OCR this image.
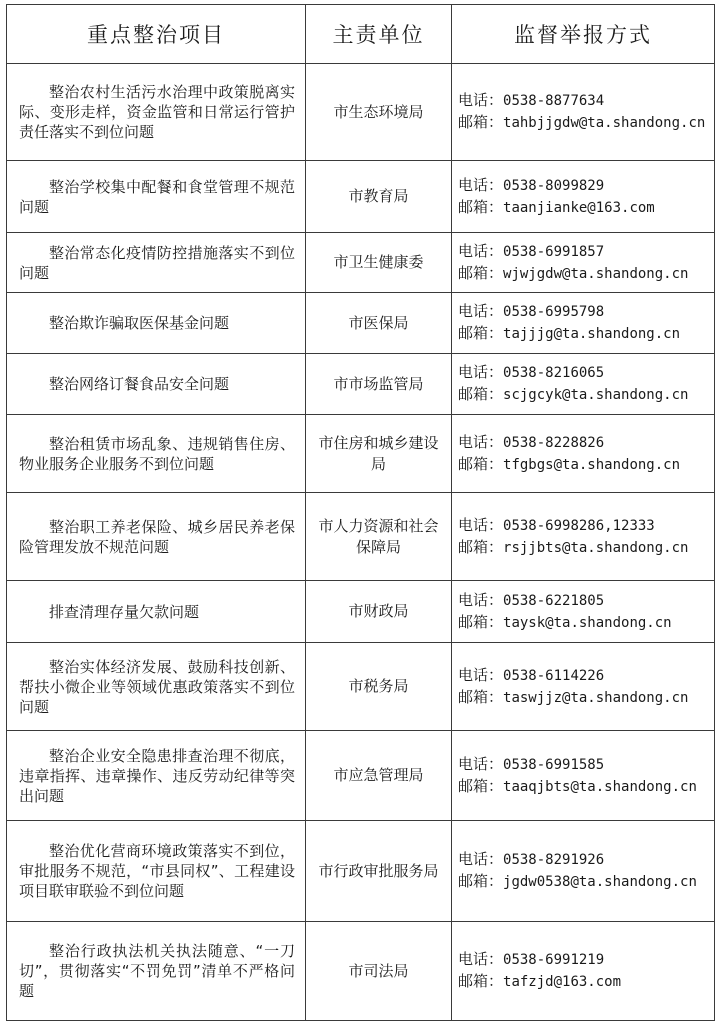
重点整治项目	主责单位	监督举报方式
整治农村生活污水治理中政策脱离实际、变形走样，资金监管和日常运行管护责任落实不到位问题	市生态环境局	电话：0538-8877634
邮箱：tahbjjgdw@ta.shandong.cn

整治学校集中配餐和食堂管理不规范问题	市教育局	电话：0538-8099829
邮箱：taanjianke@163.com

整治常态化疫情防控措施落实不到位问题	市卫生健康委	电话：0538-6991857
邮箱：wjwjgdw@ta.shandong.cn

整治欺诈骗取医保基金问题	市医保局	电话：0538-6995798
邮箱：tajjjg@ta.shandong.cn

整治网络订餐食品安全问题	市市场监管局	电话：0538-8216065
邮箱：scjgcyk@ta.shandong.cn

整治租赁市场乱象、违规销售住房、物业服务企业服务不到位问题	市住房和城乡建设局	电话：0538-8228826
邮箱：tfgbgs@ta.shandong.cn

整治职工养老保险、城乡居民养老保险管理发放不规范问题	市人力资源和社会保障局	电话：0538-6998286,12333
邮箱：rsjjbts@ta.shandong.cn

排查清理存量欠款问题	市财政局	电话：0538-6221805
邮箱：taysk@ta.shandong.cn

整治实体经济发展、鼓励科技创新、帮扶小微企业等领域优惠政策落实不到位问题	市税务局	电话：0538-6114226
邮箱：taswjjz@ta.shandong.cn

整治企业安全隐患排查治理不彻底，违章指挥、违章操作、违反劳动纪律等突出问题	市应急管理局	电话：0538-6991585
邮箱：taaqjbts@ta.shandong.cn

整治优化营商环境政策落实不到位，审批服务不规范，“市县同权”、工程建设项目联审联验不到位问题	市行政审批服务局	电话：0538-8291926
邮箱：jgdw0538@ta.shandong.cn

整治行政执法机关执法随意、“一刀切”，贯彻落实“不罚免罚”清单不严格问题	市司法局	电话：0538-6991219
邮箱：tafzjd@163.com
